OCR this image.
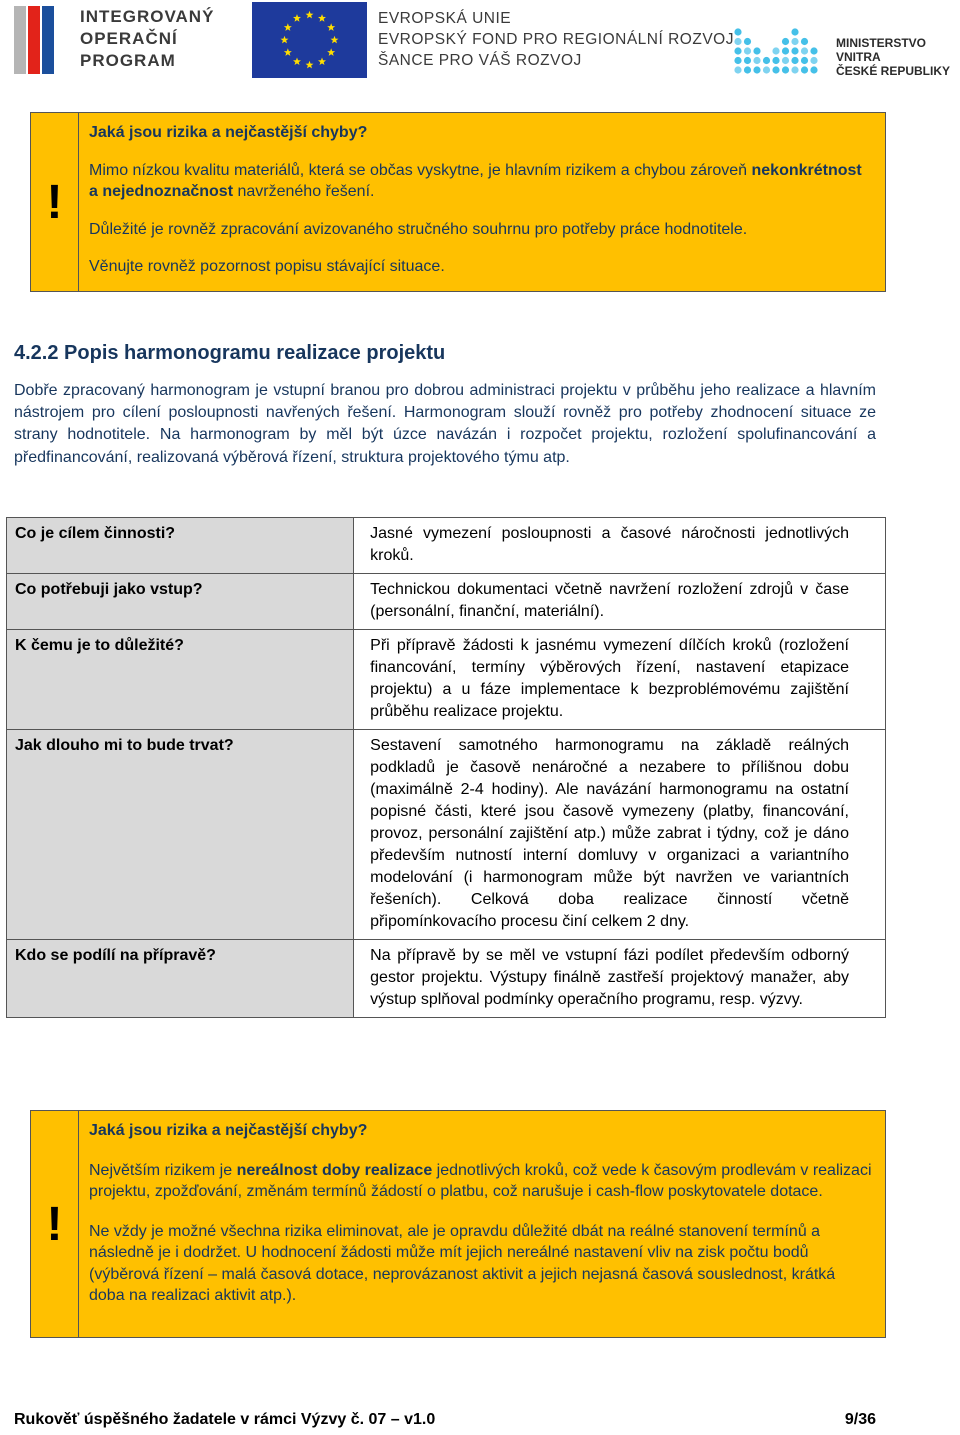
INTEGROVANÝ
OPERAČNÍ
PROGRAM
EVROPSKÁ UNIE
EVROPSKÝ FOND PRO REGIONÁLNÍ ROZVOJ
ŠANCE PRO VÁŠ ROZVOJ
MINISTERSTVO VNITRA
ČESKÉ REPUBLIKY
!

Jaká jsou rizika a nejčastější chyby?

Mimo nízkou kvalitu materiálů, která se občas vyskytne, je hlavním rizikem a chybou zároveň nekonkrétnost a nejednoznačnost navrženého řešení.

Důležité je rovněž zpracování avizovaného stručného souhrnu pro potřeby práce hodnotitele.

Věnujte rovněž pozornost popisu stávající situace.

4.2.2 Popis harmonogramu realizace projektu
Dobře zpracovaný harmonogram je vstupní branou pro dobrou administraci projektu v průběhu jeho realizace a hlavním nástrojem pro cílení posloupnosti navřených řešení. Harmonogram slouží rovněž pro potřeby zhodnocení situace ze strany hodnotitele. Na harmonogram by měl být úzce navázán i rozpočet projektu, rozložení spolufinancování a předfinancování, realizovaná výběrová řízení, struktura projektového týmu atp.
Co je cílem činnosti?	Jasné vymezení posloupnosti a časové náročnosti jednotlivých kroků.
Co potřebuji jako vstup?	Technickou dokumentaci včetně navržení rozložení zdrojů v čase (personální, finanční, materiální).
K čemu je to důležité?	Při přípravě žádosti k jasnému vymezení dílčích kroků (rozložení financování, termíny výběrových řízení, nastavení etapizace projektu) a u fáze implementace k bezproblémovému zajištění průběhu realizace projektu.
Jak dlouho mi to bude trvat?	Sestavení samotného harmonogramu na základě reálných podkladů je časově nenáročné a nezabere to přílišnou dobu (maximálně 2-4 hodiny). Ale navázání harmonogramu na ostatní popisné části, které jsou časově vymezeny (platby, financování, provoz, personální zajištění atp.) může zabrat i týdny, což je dáno především nutností interní domluvy v organizaci a variantního modelování (i harmonogram může být navržen ve variantních řešeních). Celková doba realizace činností včetně připomínkovacího procesu činí celkem 2 dny.
Kdo se podílí na přípravě?	Na přípravě by se měl ve vstupní fázi podílet především odborný gestor projektu. Výstupy finálně zastřeší projektový manažer, aby výstup splňoval podmínky operačního programu, resp. výzvy.
!

Jaká jsou rizika a nejčastější chyby?

Největším rizikem je nereálnost doby realizace jednotlivých kroků, což vede k časovým prodlevám v realizaci projektu, zpožďování, změnám termínů žádostí o platbu, což narušuje i cash-flow poskytovatele dotace.

Ne vždy je možné všechna rizika eliminovat, ale je opravdu důležité dbát na reálné stanovení termínů a následně je i dodržet. U hodnocení žádosti může mít jejich nereálné nastavení vliv na zisk počtu bodů (výběrová řízení – malá časová dotace, neprovázanost aktivit a jejich nejasná časová souslednost, krátká doba na realizaci aktivit atp.).

Rukověť úspěšného žadatele v rámci Výzvy č. 07 – v1.0	9/36
